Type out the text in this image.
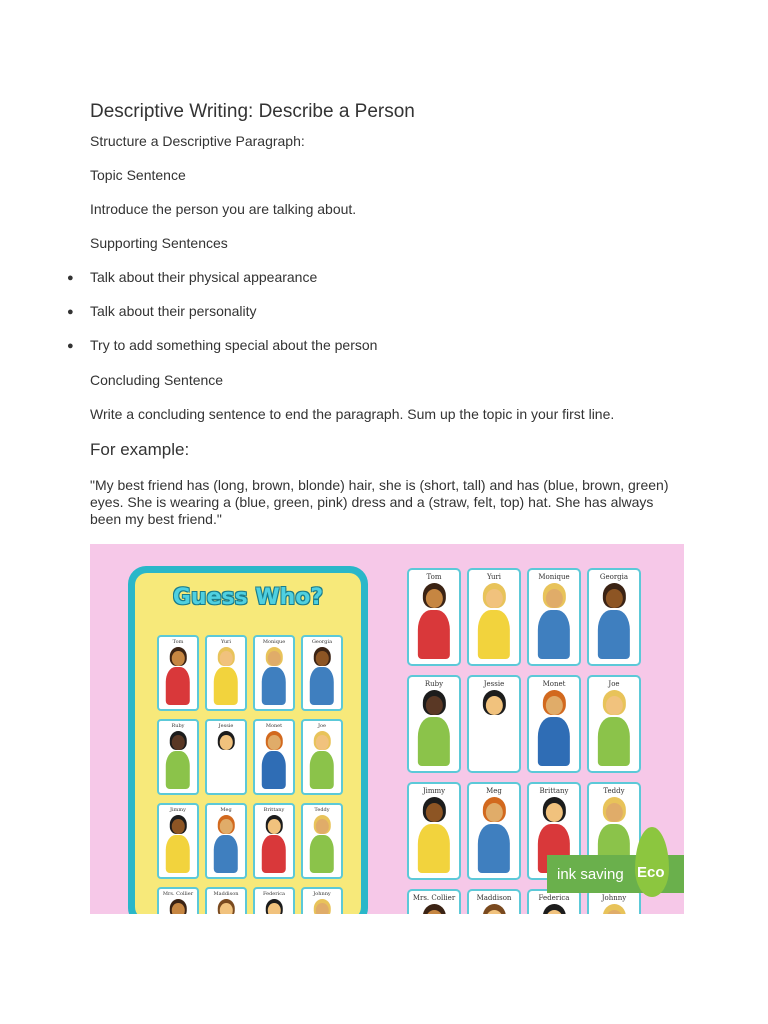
Descriptive Writing: Describe a Person
Structure a Descriptive Paragraph:
Topic Sentence
Introduce the person you are talking about.
Supporting Sentences
● Talk about their physical appearance
● Talk about their personality
● Try to add something special about the person
Concluding Sentence
Write a concluding sentence to end the paragraph. Sum up the topic in your first line.
For example:
"My best friend has (long, brown, blonde) hair, she is (short, tall) and has (blue, brown, green) eyes. She is wearing a (blue, green, pink) dress and a (straw, felt, top) hat. She has always been my best friend."
Guess Who?
Tom	Yuri	Monique	Georgia
Ruby	Jessie	Monet	Joe
Jimmy	Meg	Brittany	Teddy
Mrs. Collier	Maddison	Federica	Johnny
Tom	Yuri	Monique	Georgia
Ruby	Jessie	Monet	Joe
Jimmy	Meg	Brittany	Teddy
Mrs. Collier	Maddison	Federica	Johnny
ink saving Eco
